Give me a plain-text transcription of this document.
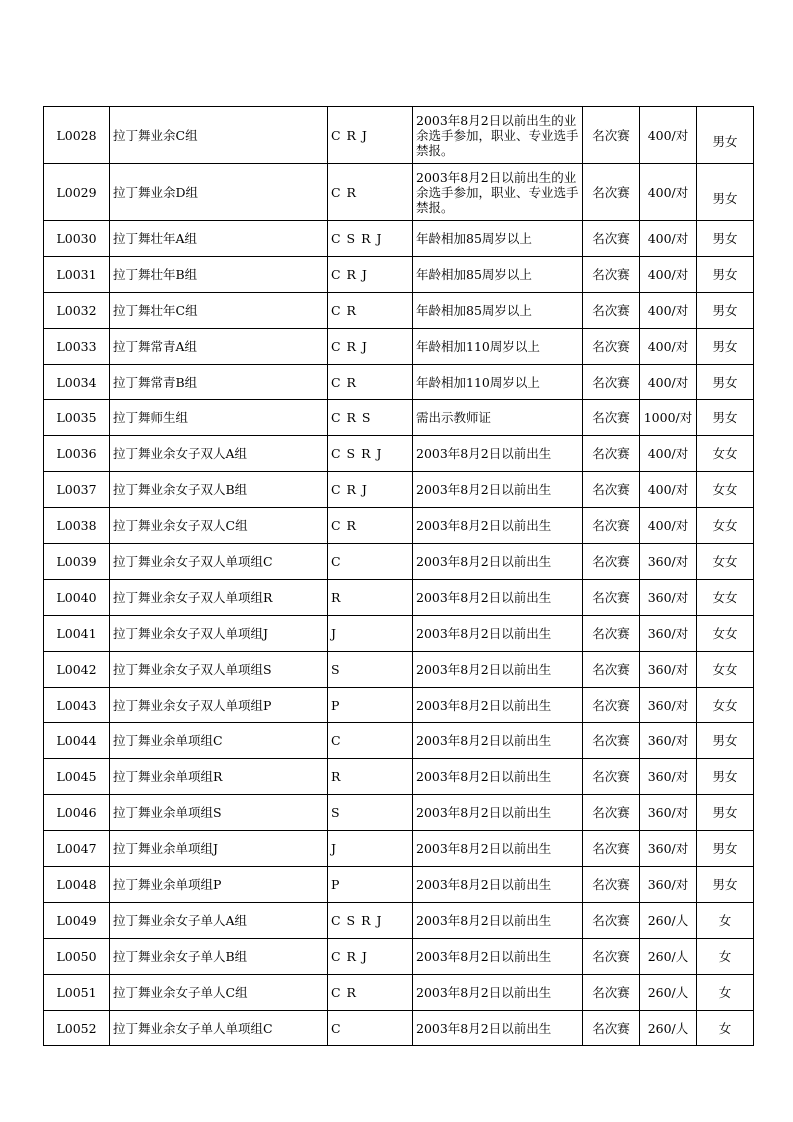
L0028	拉丁舞业余C组	C R J	2003年8月2日以前出生的业余选手参加，职业、专业选手禁报。	名次赛	400/对	男女
L0029	拉丁舞业余D组	C R	2003年8月2日以前出生的业余选手参加，职业、专业选手禁报。	名次赛	400/对	男女
L0030	拉丁舞壮年A组	C S R J	年龄相加85周岁以上	名次赛	400/对	男女
L0031	拉丁舞壮年B组	C R J	年龄相加85周岁以上	名次赛	400/对	男女
L0032	拉丁舞壮年C组	C R	年龄相加85周岁以上	名次赛	400/对	男女
L0033	拉丁舞常青A组	C R J	年龄相加110周岁以上	名次赛	400/对	男女
L0034	拉丁舞常青B组	C R	年龄相加110周岁以上	名次赛	400/对	男女
L0035	拉丁舞师生组	C R S	需出示教师证	名次赛	1000/对	男女
L0036	拉丁舞业余女子双人A组	C S R J	2003年8月2日以前出生	名次赛	400/对	女女
L0037	拉丁舞业余女子双人B组	C R J	2003年8月2日以前出生	名次赛	400/对	女女
L0038	拉丁舞业余女子双人C组	C R	2003年8月2日以前出生	名次赛	400/对	女女
L0039	拉丁舞业余女子双人单项组C	C	2003年8月2日以前出生	名次赛	360/对	女女
L0040	拉丁舞业余女子双人单项组R	R	2003年8月2日以前出生	名次赛	360/对	女女
L0041	拉丁舞业余女子双人单项组J	J	2003年8月2日以前出生	名次赛	360/对	女女
L0042	拉丁舞业余女子双人单项组S	S	2003年8月2日以前出生	名次赛	360/对	女女
L0043	拉丁舞业余女子双人单项组P	P	2003年8月2日以前出生	名次赛	360/对	女女
L0044	拉丁舞业余单项组C	C	2003年8月2日以前出生	名次赛	360/对	男女
L0045	拉丁舞业余单项组R	R	2003年8月2日以前出生	名次赛	360/对	男女
L0046	拉丁舞业余单项组S	S	2003年8月2日以前出生	名次赛	360/对	男女
L0047	拉丁舞业余单项组J	J	2003年8月2日以前出生	名次赛	360/对	男女
L0048	拉丁舞业余单项组P	P	2003年8月2日以前出生	名次赛	360/对	男女
L0049	拉丁舞业余女子单人A组	C S R J	2003年8月2日以前出生	名次赛	260/人	女
L0050	拉丁舞业余女子单人B组	C R J	2003年8月2日以前出生	名次赛	260/人	女
L0051	拉丁舞业余女子单人C组	C R	2003年8月2日以前出生	名次赛	260/人	女
L0052	拉丁舞业余女子单人单项组C	C	2003年8月2日以前出生	名次赛	260/人	女
